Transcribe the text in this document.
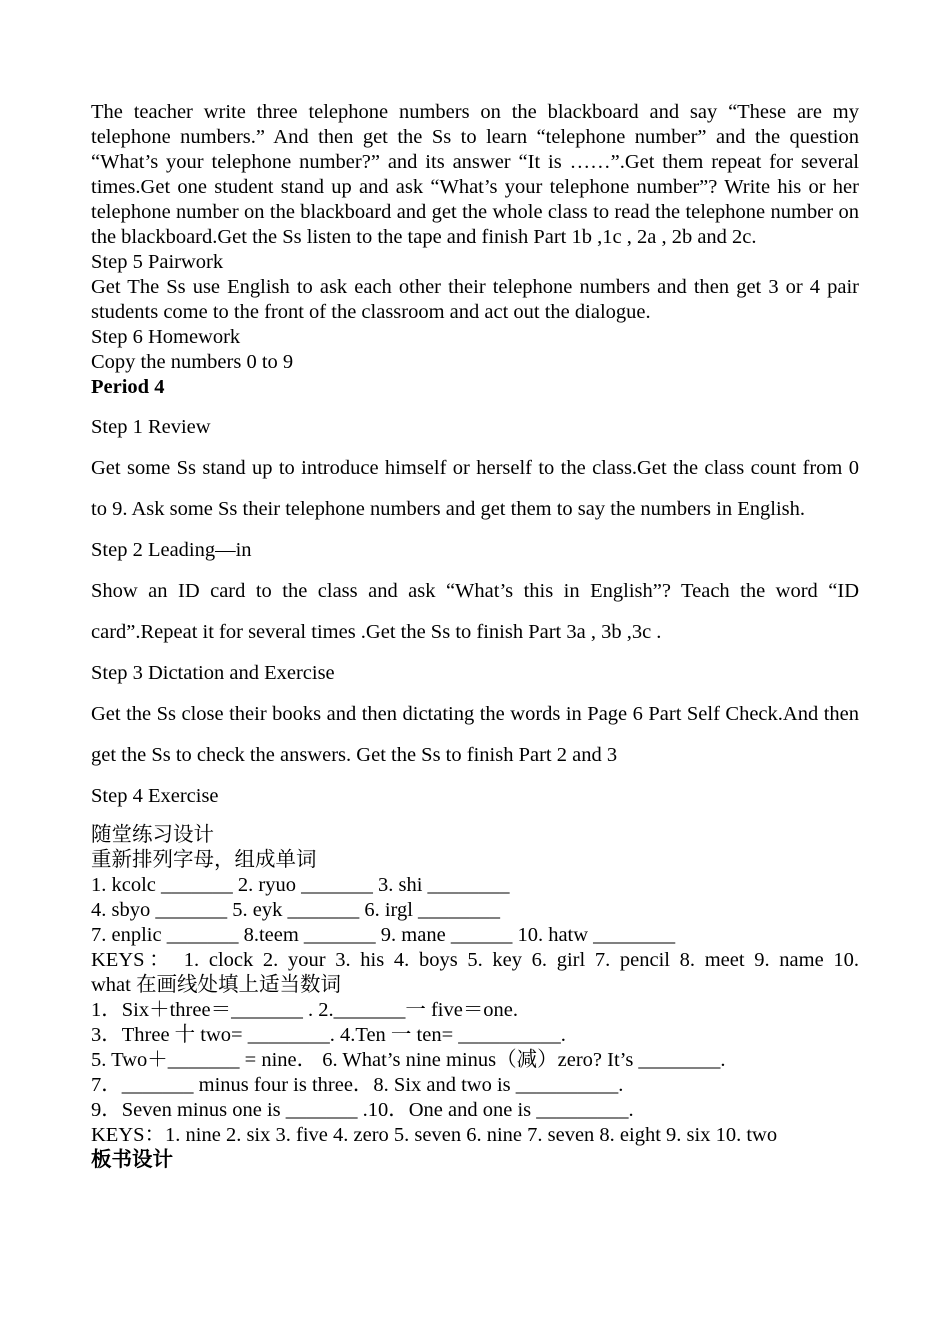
The teacher write three telephone numbers on the blackboard and say “These are my telephone numbers.” And then get the Ss to learn “telephone number” and the question “What’s your telephone number?” and its answer “It is ……”.Get them repeat for several times.Get one student stand up and ask “What’s your telephone number”? Write his or her telephone number on the blackboard and get the whole class to read the telephone number on the blackboard.Get the Ss listen to the tape and finish Part 1b ,1c , 2a , 2b and 2c.

Step 5 Pairwork

Get The Ss use English to ask each other their telephone numbers and then get 3 or 4 pair students come to the front of the classroom and act out the dialogue.

Step 6 Homework

Copy the numbers 0 to 9

Period 4

Step 1 Review

Get some Ss stand up to introduce himself or herself to the class.Get the class count from 0 to 9. Ask some Ss their telephone numbers and get them to say the numbers in English.

Step 2 Leading—in

Show an ID card to the class and ask “What’s this in English”? Teach the word “ID card”.Repeat it for several times .Get the Ss to finish Part 3a , 3b ,3c .

Step 3 Dictation and Exercise

Get the Ss close their books and then dictating the words in Page 6 Part Self Check.And then get the Ss to check the answers. Get the Ss to finish Part 2 and 3

Step 4 Exercise

随堂练习设计

重新排列字母，组成单词

1. kcolc _______ 2. ryuo _______ 3. shi ________

4. sbyo _______ 5. eyk _______ 6. irgl ________

7. enplic _______ 8.teem _______ 9. mane ______ 10. hatw ________

KEYS： 1. clock 2. your 3. his 4. boys 5. key 6. girl 7. pencil 8. meet 9. name 10.

what 在画线处填上适当数词

1．Six＋three＝_______ . 2._______一 five＝one.

3．Three 十 two= ________. 4.Ten 一 ten= __________.

5. Two＋_______ = nine． 6. What’s nine minus（减）zero? It’s ________.

7．_______ minus four is three．8. Six and two is __________.

9．Seven minus one is _______ .10．One and one is _________.

KEYS：1. nine 2. six 3. five 4. zero 5. seven 6. nine 7. seven 8. eight 9. six 10. two

板书设计
